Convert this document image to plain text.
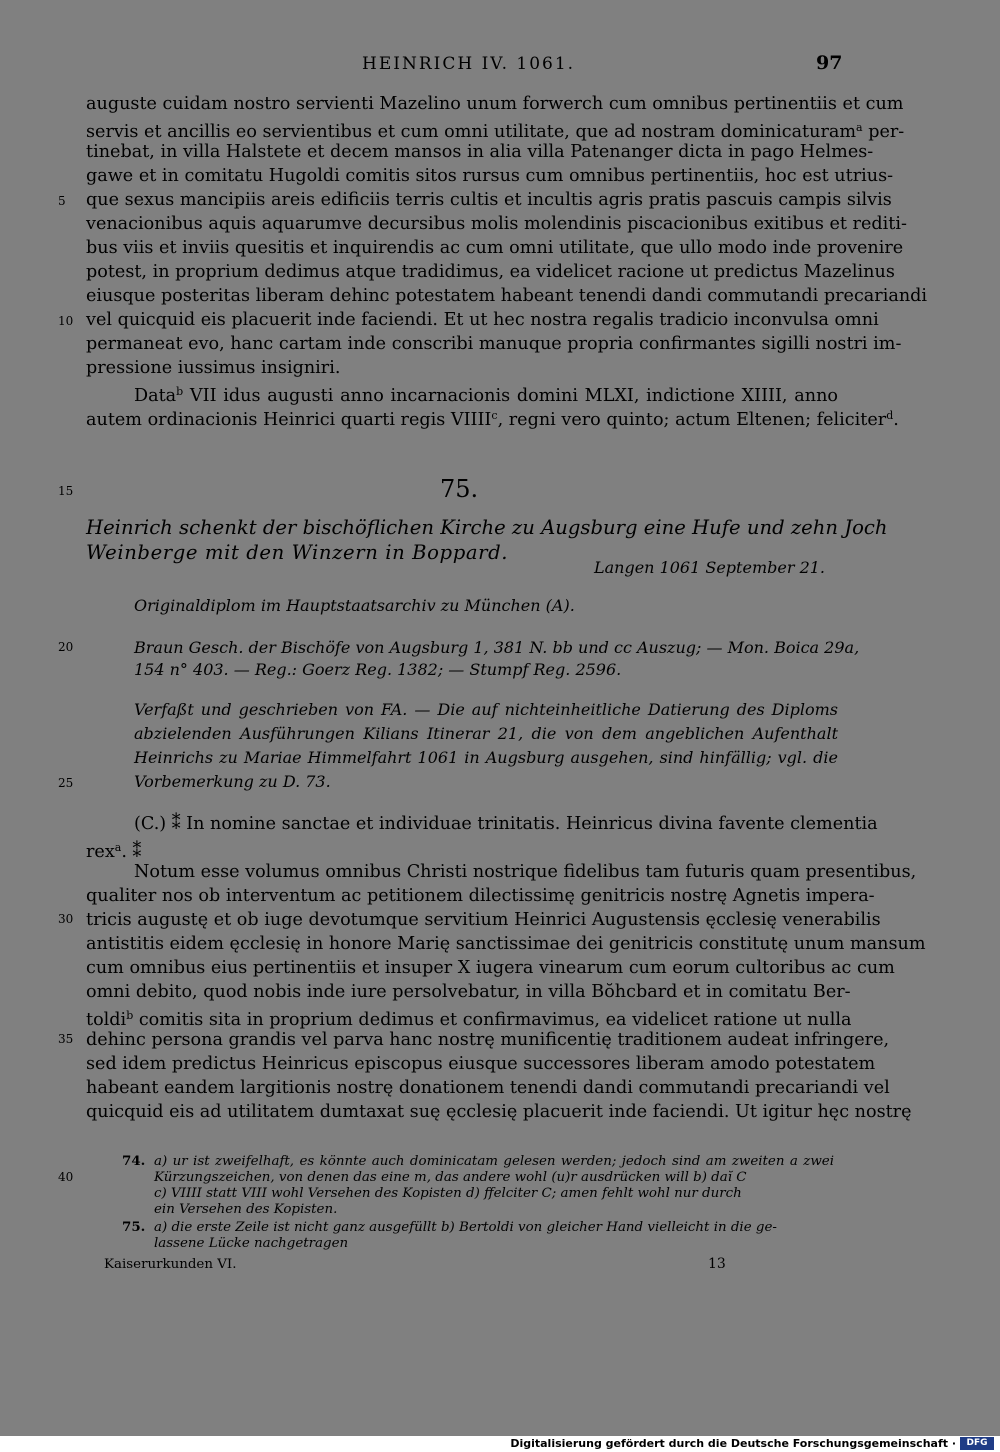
HEINRICH IV. 1061.	97
auguste cuidam nostro servienti Mazelino unum forwerch cum omnibus pertinentiis et cum
servis et ancillis eo servientibus et cum omni utilitate, que ad nostram dominicaturam$^a$ per-
tinebat, in villa Halstete et decem mansos in alia villa Patenanger dicta in pago Helmes-
gawe et in comitatu Hugoldi comitis sitos rursus cum omnibus pertinentiis, hoc est utrius-
que sexus mancipiis areis edificiis terris cultis et incultis agris pratis pascuis campis silvis
venacionibus aquis aquarumve decursibus molis molendinis piscacionibus exitibus et rediti-
bus viis et inviis quesitis et inquirendis ac cum omni utilitate, que ullo modo inde provenire
potest, in proprium dedimus atque tradidimus, ea videlicet racione ut predictus Mazelinus
eiusque posteritas liberam dehinc potestatem habeant tenendi dandi commutandi precariandi
vel quicquid eis placuerit inde faciendi. Et ut hec nostra regalis tradicio inconvulsa omni
permaneat evo, hanc cartam inde conscribi manuque propria confirmantes sigilli nostri im-
pressione iussimus insigniri.
Data$^b$ VII idus augusti anno incarnacionis domini MLXI, indictione XIIII, anno
autem ordinacionis Heinrici quarti regis VIIII$^c$, regni vero quinto; actum Eltenen; feliciter$^d$.
5
10
15
20
25
30
35
40
75.
Heinrich schenkt der bischöflichen Kirche zu Augsburg eine Hufe und zehn Joch
Weinberge mit den Winzern in Boppard.
Langen 1061 September 21.
Originaldiplom im Hauptstaatsarchiv zu München (A).
Braun Gesch. der Bischöfe von Augsburg 1, 381 N. bb und cc Auszug; — Mon. Boica 29a,
154 n° 403. — Reg.: Goerz Reg. 1382; — Stumpf Reg. 2596.
Verfaßt und geschrieben von FA. — Die auf nichteinheitliche Datierung des Diploms
abzielenden Ausführungen Kilians Itinerar 21, die von dem angeblichen Aufenthalt
Heinrichs zu Mariae Himmelfahrt 1061 in Augsburg ausgehen, sind hinfällig; vgl. die
Vorbemerkung zu D. 73.
(C.) ⁑ In nomine sanctae et individuae trinitatis. Heinricus divina favente clementia
rex$^a$. ⁑
Notum esse volumus omnibus Christi nostrique fidelibus tam futuris quam presentibus,
qualiter nos ob interventum ac petitionem dilectissimę genitricis nostrę Agnetis impera-
tricis augustę et ob iuge devotumque servitium Heinrici Augustensis ęcclesię venerabilis
antistitis eidem ęcclesię in honore Marię sanctissimae dei genitricis constitutę unum mansum
cum omnibus eius pertinentiis et insuper X iugera vinearum cum eorum cultoribus ac cum
omni debito, quod nobis inde iure persolvebatur, in villa Bŏhcbard et in comitatu Ber-
toldi$^b$ comitis sita in proprium dedimus et confirmavimus, ea videlicet ratione ut nulla
dehinc persona grandis vel parva hanc nostrę munificentię traditionem audeat infringere,
sed idem predictus Heinricus episcopus eiusque successores liberam amodo potestatem
habeant eandem largitionis nostrę donationem tenendi dandi commutandi precariandi vel
quicquid eis ad utilitatem dumtaxat suę ęcclesię placuerit inde faciendi. Ut igitur hęc nostrę
74. a) ur ist zweifelhaft, es könnte auch dominicatam gelesen werden; jedoch sind am zweiten a zwei
Kürzungszeichen, von denen das eine m, das andere wohl (u)r ausdrücken will b) daĭ C
c) VIIII statt VIII wohl Versehen des Kopisten d) ffelciter C; amen fehlt wohl nur durch
ein Versehen des Kopisten.
75. a) die erste Zeile ist nicht ganz ausgefüllt b) Bertoldi von gleicher Hand vielleicht in die ge-
lassene Lücke nachgetragen
Kaiserurkunden VI.	13
Digitalisierung gefördert durch die Deutsche Forschungsgemeinschaft ·	DFG
